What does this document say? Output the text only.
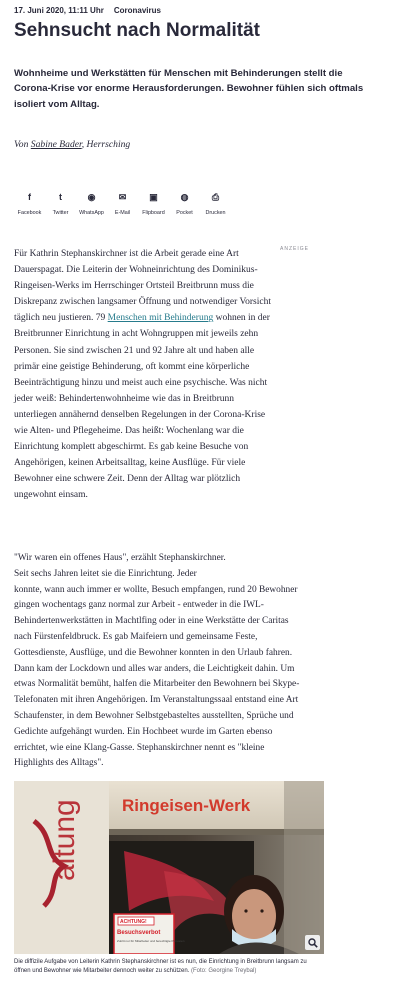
17. Juni 2020, 11:11 Uhr Coronavirus
Sehnsucht nach Normalität

Wohnheime und Werkstätten für Menschen mit Behinderungen stellt die Corona-Krise vor enorme Herausforderungen. Bewohner fühlen sich oftmals isoliert vom Alltag.

Von Sabine Bader, Herrsching
f
Facebook
t
Twitter
◉
WhatsApp
✉
E-Mail
▣
Flipboard
◍
Pocket
⎙
Drucken
ANZEIGE

Für Kathrin Stephanskirchner ist die Arbeit gerade eine Art Dauerspagat. Die Leiterin der Wohneinrichtung des Dominikus-Ringeisen-Werks im Herrschinger Ortsteil Breitbrunn muss die Diskrepanz zwischen langsamer Öffnung und notwendiger Vorsicht täglich neu justieren. 79 Menschen mit Behinderung wohnen in der Breitbrunner Einrichtung in acht Wohngruppen mit jeweils zehn Personen. Sie sind zwischen 21 und 92 Jahre alt und haben alle primär eine geistige Behinderung, oft kommt eine körperliche Beeinträchtigung hinzu und meist auch eine psychische. Was nicht jeder weiß: Behindertenwohnheime wie das in Breitbrunn unterliegen annähernd denselben Regelungen in der Corona-Krise wie Alten- und Pflegeheime. Das heißt: Wochenlang war die Einrichtung komplett abgeschirmt. Es gab keine Besuche von Angehörigen, keinen Arbeitsalltag, keine Ausflüge. Für viele Bewohner eine schwere Zeit. Denn der Alltag war plötzlich ungewohnt einsam.

"Wir waren ein offenes Haus", erzählt Stephanskirchner.
Seit sechs Jahren leitet sie die Einrichtung. Jeder
konnte, wann auch immer er wollte, Besuch empfangen, rund 20 Bewohner gingen wochentags ganz normal zur Arbeit - entweder in die IWL-Behindertenwerkstätten in Machtlfing oder in eine Werkstätte der Caritas nach Fürstenfeldbruck. Es gab Maifeiern und gemeinsame Feste, Gottesdienste, Ausflüge, und die Bewohner konnten in den Urlaub fahren. Dann kam der Lockdown und alles war anders, die Leichtigkeit dahin. Um etwas Normalität bemüht, halfen die Mitarbeiter den Bewohnern bei Skype-Telefonaten mit ihren Angehörigen. Im Veranstaltungssaal entstand eine Art Schaufenster, in dem Bewohner Selbstgebasteltes ausstellten, Sprüche und Gedichte aufgehängt wurden. Ein Hochbeet wurde im Garten ebenso errichtet, wie eine Klang-Gasse. Stephanskirchner nennt es "kleine Highlights des Alltags".

Ringeisen-Werk
altung
ACHTUNG!
Besuchsverbot
Zutritt nur für Mitarbeiter und berechtigte Personen
Die diffizile Aufgabe von Leiterin Kathrin Stephanskirchner ist es nun, die Einrichtung in Breitbrunn langsam zu öffnen und Bewohner wie Mitarbeiter dennoch weiter zu schützen. (Foto: Georgine Treybal)
